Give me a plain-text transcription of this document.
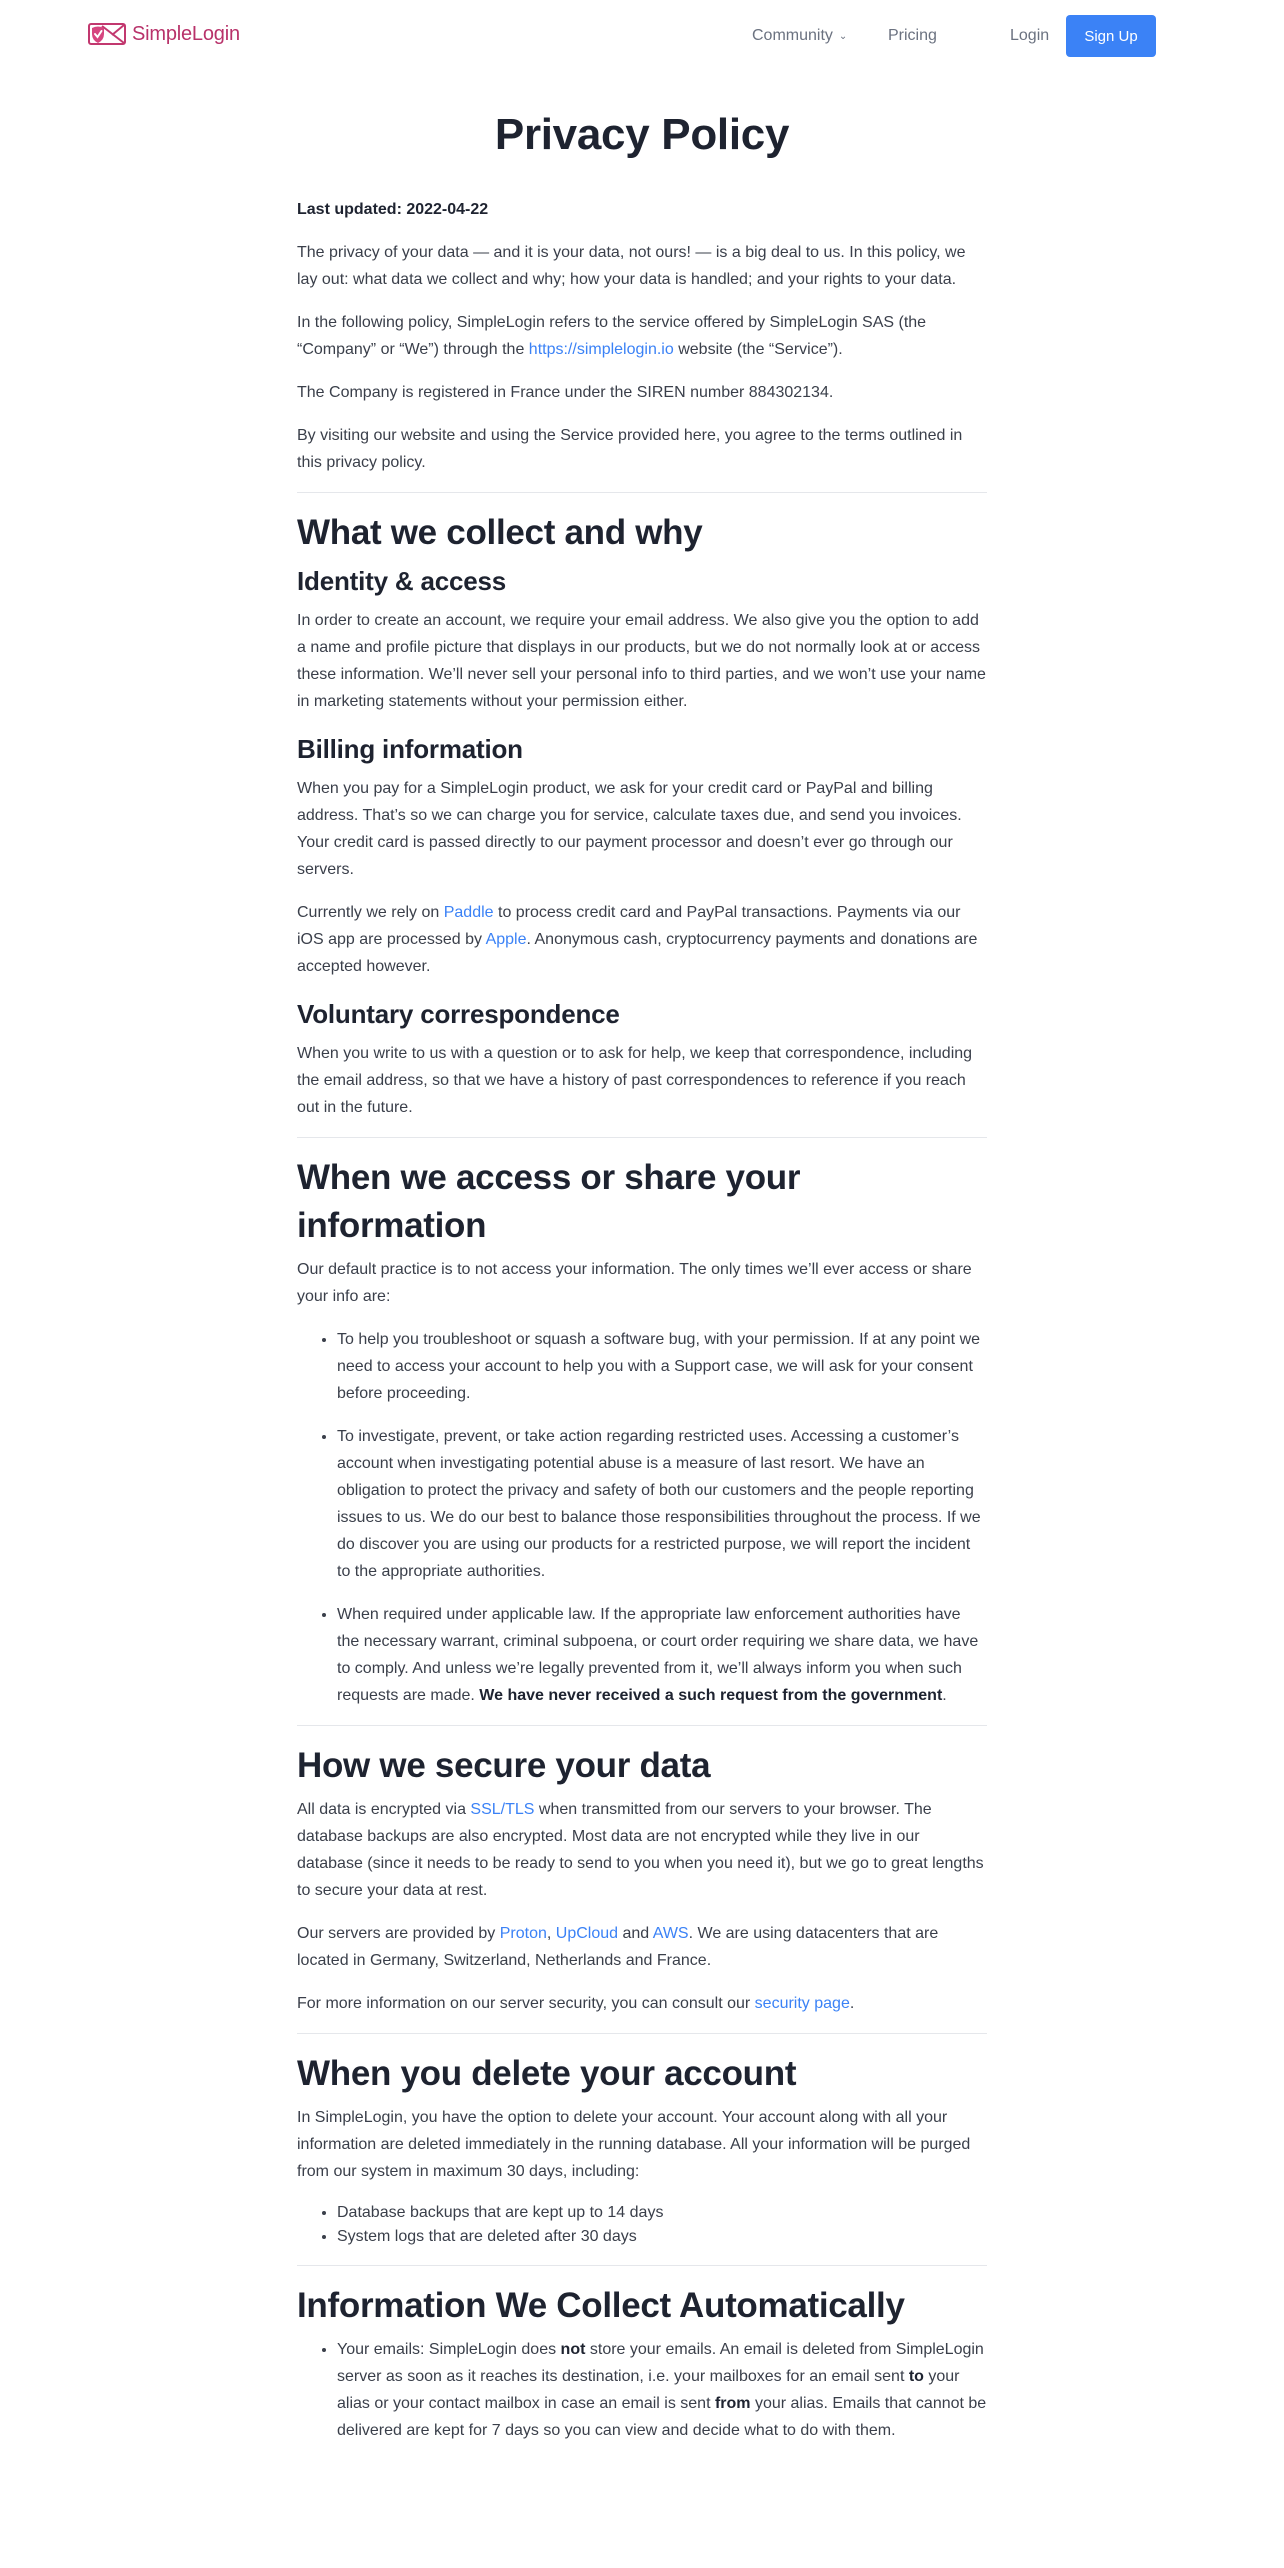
SimpleLogin	Community ⌄	Pricing	Login	Sign Up
Privacy Policy

Last updated: 2022-04-22

The privacy of your data — and it is your data, not ours! — is a big deal to us. In this policy, we lay out: what data we collect and why; how your data is handled; and your rights to your data.

In the following policy, SimpleLogin refers to the service offered by SimpleLogin SAS (the “Company” or “We”) through the https://simplelogin.io website (the “Service”).

The Company is registered in France under the SIREN number 884302134.

By visiting our website and using the Service provided here, you agree to the terms outlined in this privacy policy.

What we collect and why
Identity & access

In order to create an account, we require your email address. We also give you the option to add a name and profile picture that displays in our products, but we do not normally look at or access these information. We’ll never sell your personal info to third parties, and we won’t use your name in marketing statements without your permission either.

Billing information

When you pay for a SimpleLogin product, we ask for your credit card or PayPal and billing address. That’s so we can charge you for service, calculate taxes due, and send you invoices. Your credit card is passed directly to our payment processor and doesn’t ever go through our servers.

Currently we rely on Paddle to process credit card and PayPal transactions. Payments via our iOS app are processed by Apple. Anonymous cash, cryptocurrency payments and donations are accepted however.

Voluntary correspondence

When you write to us with a question or to ask for help, we keep that correspondence, including the email address, so that we have a history of past correspondences to reference if you reach out in the future.

When we access or share your information

Our default practice is to not access your information. The only times we’ll ever access or share your info are:

• To help you troubleshoot or squash a software bug, with your permission. If at any point we need to access your account to help you with a Support case, we will ask for your consent before proceeding.
• To investigate, prevent, or take action regarding restricted uses. Accessing a customer’s account when investigating potential abuse is a measure of last resort. We have an obligation to protect the privacy and safety of both our customers and the people reporting issues to us. We do our best to balance those responsibilities throughout the process. If we do discover you are using our products for a restricted purpose, we will report the incident to the appropriate authorities.
• When required under applicable law. If the appropriate law enforcement authorities have the necessary warrant, criminal subpoena, or court order requiring we share data, we have to comply. And unless we’re legally prevented from it, we’ll always inform you when such requests are made. We have never received a such request from the government.
How we secure your data

All data is encrypted via SSL/TLS when transmitted from our servers to your browser. The database backups are also encrypted. Most data are not encrypted while they live in our database (since it needs to be ready to send to you when you need it), but we go to great lengths to secure your data at rest.

Our servers are provided by Proton, UpCloud and AWS. We are using datacenters that are located in Germany, Switzerland, Netherlands and France.

For more information on our server security, you can consult our security page.

When you delete your account

In SimpleLogin, you have the option to delete your account. Your account along with all your information are deleted immediately in the running database. All your information will be purged from our system in maximum 30 days, including:

• Database backups that are kept up to 14 days
• System logs that are deleted after 30 days
Information We Collect Automatically
• Your emails: SimpleLogin does not store your emails. An email is deleted from SimpleLogin server as soon as it reaches its destination, i.e. your mailboxes for an email sent to your alias or your contact mailbox in case an email is sent from your alias. Emails that cannot be delivered are kept for 7 days so you can view and decide what to do with them.
